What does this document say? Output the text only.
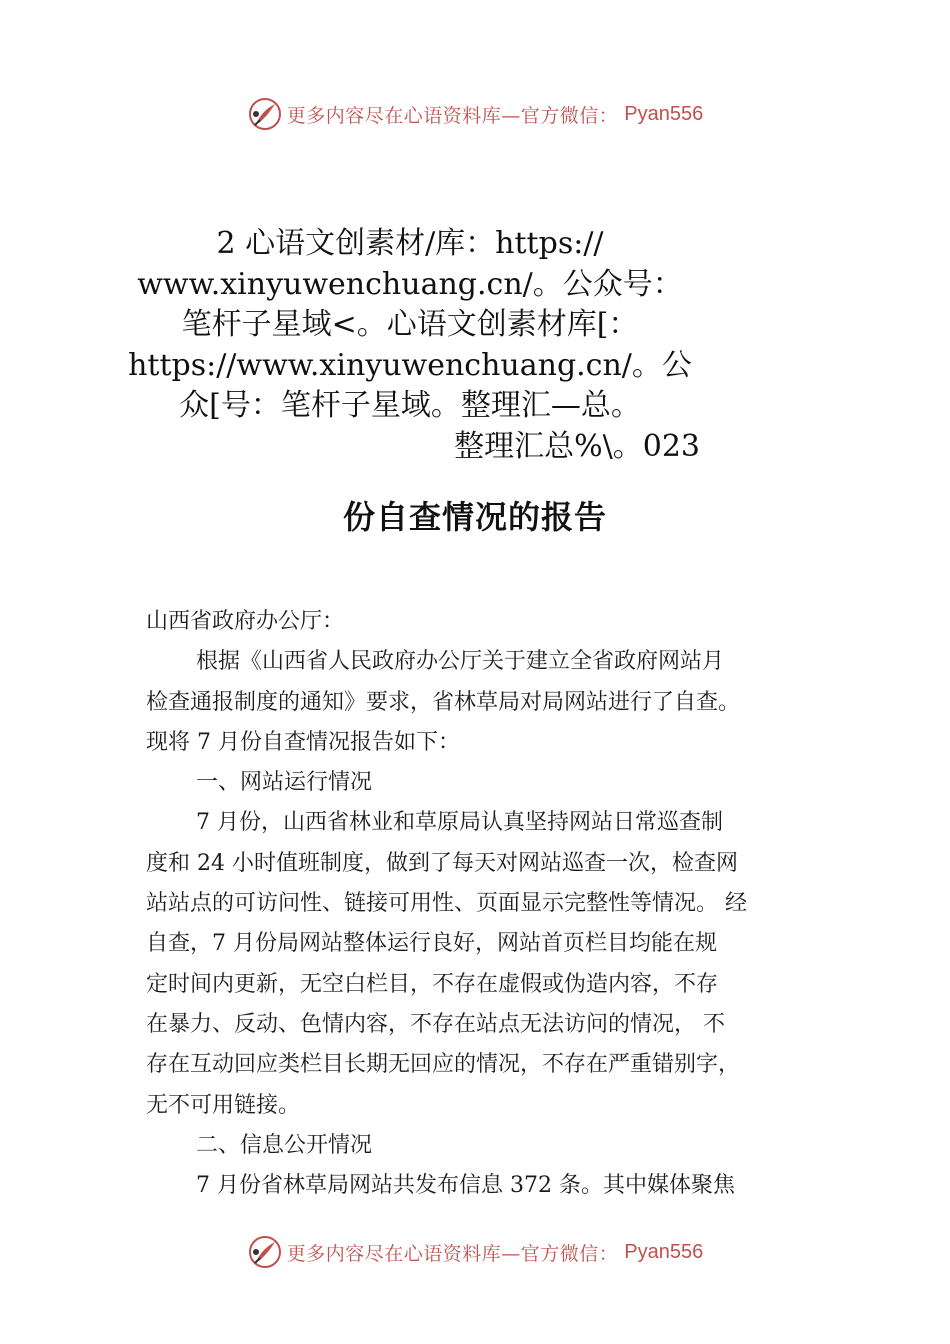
更多内容尽在心语资料库—官方微信： Pyan556
2 心语文创素材/库：https://
www.xinyuwenchuang.cn/。公众号：
笔杆子星域<。心语文创素材库[：
https://www.xinyuwenchuang.cn/。公
众[号：笔杆子星域。整理汇—总。
整理汇总%\。023
份自查情况的报告

山西省政府办公厅：

根据《山西省人民政府办公厅关于建立全省政府网站月

检查通报制度的通知》要求，省林草局对局网站进行了自查。

现将 7 月份自查情况报告如下：

一、网站运行情况

7 月份，山西省林业和草原局认真坚持网站日常巡查制

度和 24 小时值班制度，做到了每天对网站巡查一次，检查网

站站点的可访问性、链接可用性、页面显示完整性等情况。 经

自查，7 月份局网站整体运行良好，网站首页栏目均能在规

定时间内更新，无空白栏目，不存在虚假或伪造内容，不存

在暴力、反动、色情内容，不存在站点无法访问的情况， 不

存在互动回应类栏目长期无回应的情况，不存在严重错别字，

无不可用链接。

二、信息公开情况

7 月份省林草局网站共发布信息 372 条。其中媒体聚焦

更多内容尽在心语资料库—官方微信： Pyan556
